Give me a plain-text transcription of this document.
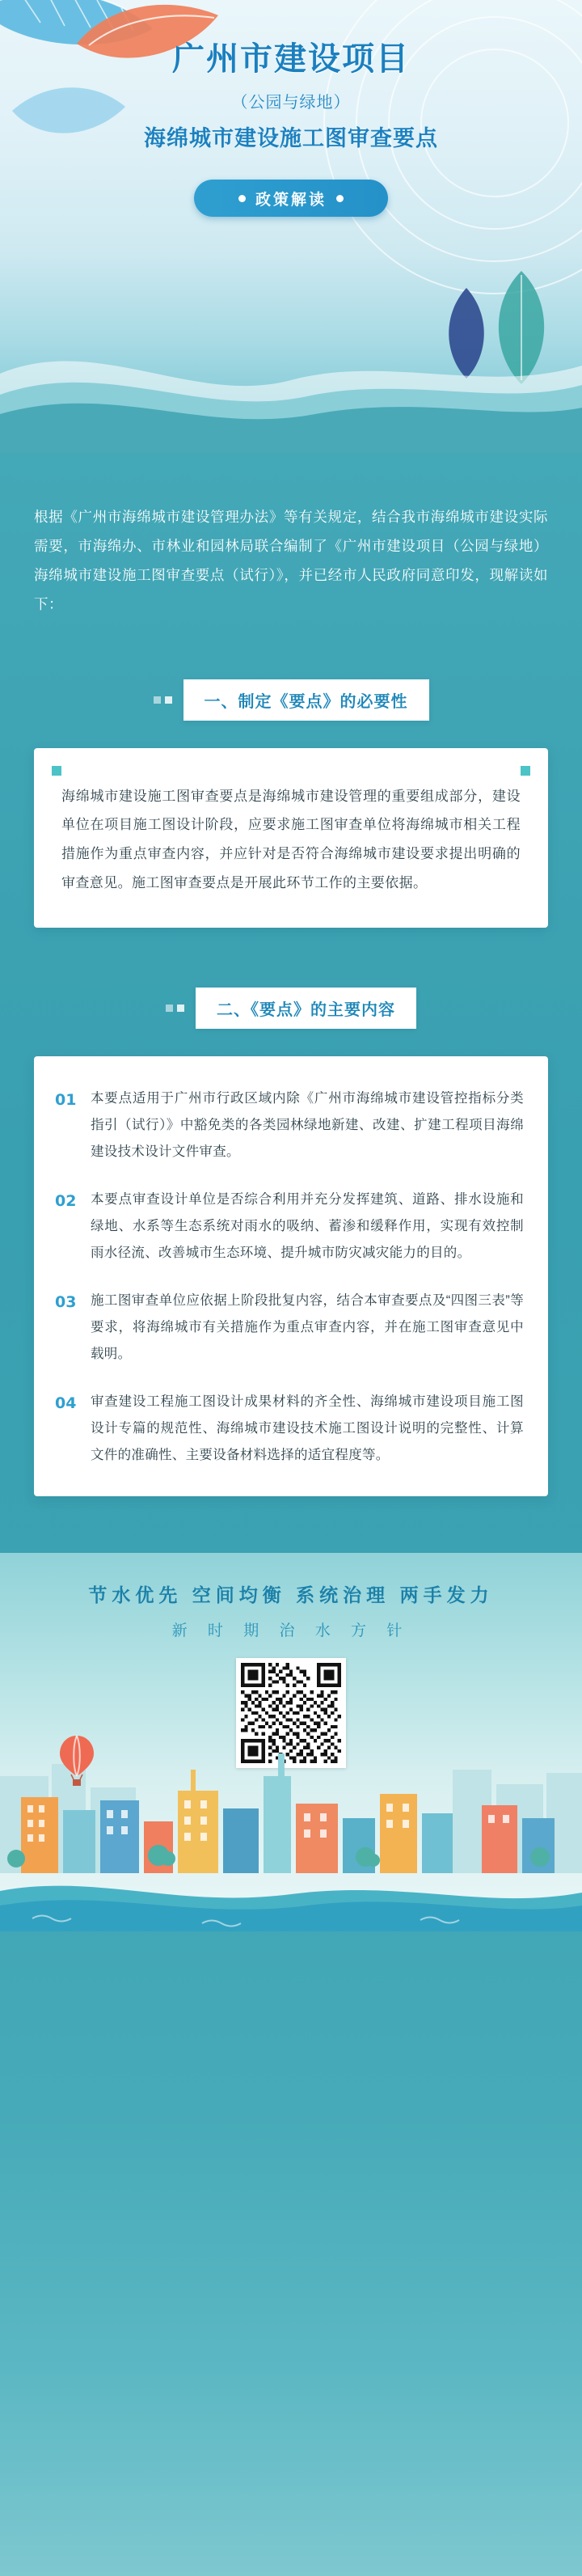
广州市建设项目
（公园与绿地）
海绵城市建设施工图审查要点
政策解读

根据《广州市海绵城市建设管理办法》等有关规定，结合我市海绵城市建设实际需要，市海绵办、市林业和园林局联合编制了《广州市建设项目（公园与绿地）海绵城市建设施工图审查要点（试行）》，并已经市人民政府同意印发，现解读如下：

一、制定《要点》的必要性

海绵城市建设施工图审查要点是海绵城市建设管理的重要组成部分，建设单位在项目施工图设计阶段，应要求施工图审查单位将海绵城市相关工程措施作为重点审查内容，并应针对是否符合海绵城市建设要求提出明确的审查意见。施工图审查要点是开展此环节工作的主要依据。

二、《要点》的主要内容
01 本要点适用于广州市行政区域内除《广州市海绵城市建设管控指标分类指引（试行）》中豁免类的各类园林绿地新建、改建、扩建工程项目海绵建设技术设计文件审查。

02 本要点审查设计单位是否综合利用并充分发挥建筑、道路、排水设施和绿地、水系等生态系统对雨水的吸纳、蓄渗和缓释作用，实现有效控制雨水径流、改善城市生态环境、提升城市防灾减灾能力的目的。

03 施工图审查单位应依据上阶段批复内容，结合本审查要点及“四图三表”等要求，将海绵城市有关措施作为重点审查内容，并在施工图审查意见中载明。

04 审查建设工程施工图设计成果材料的齐全性、海绵城市建设项目施工图设计专篇的规范性、海绵城市建设技术施工图设计说明的完整性、计算文件的准确性、主要设备材料选择的适宜程度等。

节水优先 空间均衡 系统治理 两手发力
新 时 期 治 水 方 针
